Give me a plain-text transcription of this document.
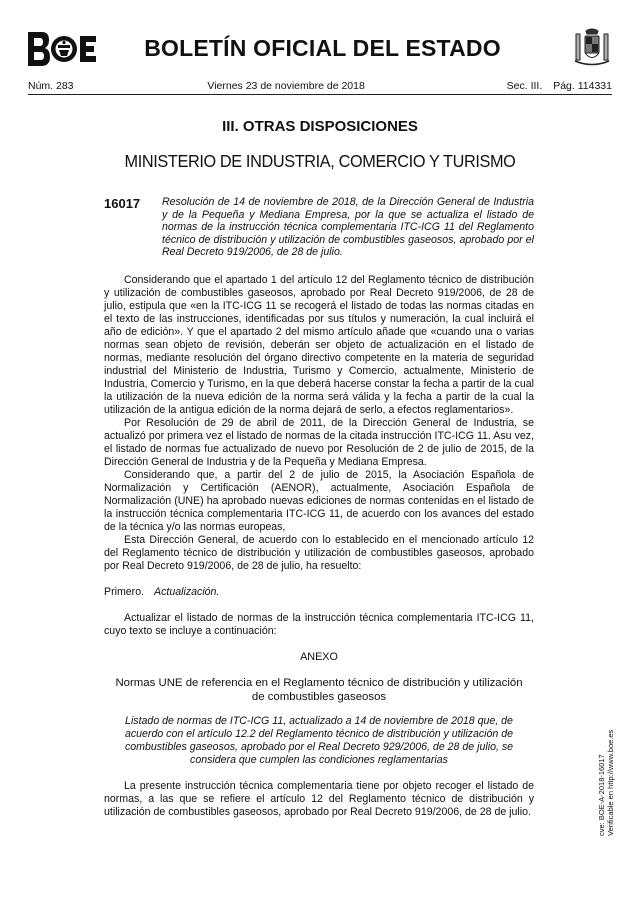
BOLETÍN OFICIAL DEL ESTADO
Núm. 283	Viernes 23 de noviembre de 2018	Sec. III. Pág. 114331
III. OTRAS DISPOSICIONES
MINISTERIO DE INDUSTRIA, COMERCIO Y TURISMO
16017 Resolución de 14 de noviembre de 2018, de la Dirección General de Industria y de la Pequeña y Mediana Empresa, por la que se actualiza el listado de normas de la instrucción técnica complementaria ITC-ICG 11 del Reglamento técnico de distribución y utilización de combustibles gaseosos, aprobado por el Real Decreto 919/2006, de 28 de julio.

Considerando que el apartado 1 del artículo 12 del Reglamento técnico de distribución y utilización de combustibles gaseosos, aprobado por Real Decreto 919/2006, de 28 de julio, estipula que «en la ITC-ICG 11 se recogerá el listado de todas las normas citadas en el texto de las instrucciones, identificadas por sus títulos y numeración, la cual incluirá el año de edición». Y que el apartado 2 del mismo artículo añade que «cuando una o varias normas sean objeto de revisión, deberán ser objeto de actualización en el listado de normas, mediante resolución del órgano directivo competente en la materia de seguridad industrial del Ministerio de Industria, Turismo y Comercio, actualmente, Ministerio de Industria, Comercio y Turismo, en la que deberá hacerse constar la fecha a partir de la cual la utilización de la nueva edición de la norma será válida y la fecha a partir de la cual la utilización de la antigua edición de la norma dejará de serlo, a efectos reglamentarios».

Por Resolución de 29 de abril de 2011, de la Dirección General de Industria, se actualizó por primera vez el listado de normas de la citada instrucción ITC-ICG 11. Asu vez, el listado de normas fue actualizado de nuevo por Resolución de 2 de julio de 2015, de la Dirección General de Industria y de la Pequeña y Mediana Empresa.

Considerando que, a partir del 2 de julio de 2015, la Asociación Española de Normalización y Certificación (AENOR), actualmente, Asociación Española de Normalización (UNE) ha aprobado nuevas ediciones de normas contenidas en el listado de la instrucción técnica complementaria ITC-ICG 11, de acuerdo con los avances del estado de la técnica y/o las normas europeas,

Esta Dirección General, de acuerdo con lo establecido en el mencionado artículo 12 del Reglamento técnico de distribución y utilización de combustibles gaseosos, aprobado por Real Decreto 919/2006, de 28 de julio, ha resuelto:

Primero. Actualización.

Actualizar el listado de normas de la instrucción técnica complementaria ITC-ICG 11, cuyo texto se incluye a continuación:

ANEXO
Normas UNE de referencia en el Reglamento técnico de distribución y utilización de combustibles gaseosos
Listado de normas de ITC-ICG 11, actualizado a 14 de noviembre de 2018 que, de acuerdo con el artículo 12.2 del Reglamento técnico de distribución y utilización de combustibles gaseosos, aprobado por el Real Decreto 929/2006, de 28 de julio, se considera que cumplen las condiciones reglamentarias

La presente instrucción técnica complementaria tiene por objeto recoger el listado de normas, a las que se refiere el artículo 12 del Reglamento técnico de distribución y utilización de combustibles gaseosos, aprobado por Real Decreto 919/2006, de 28 de julio.	cve: BOE-A-2018-16017 Verificable en http://www.boe.es
